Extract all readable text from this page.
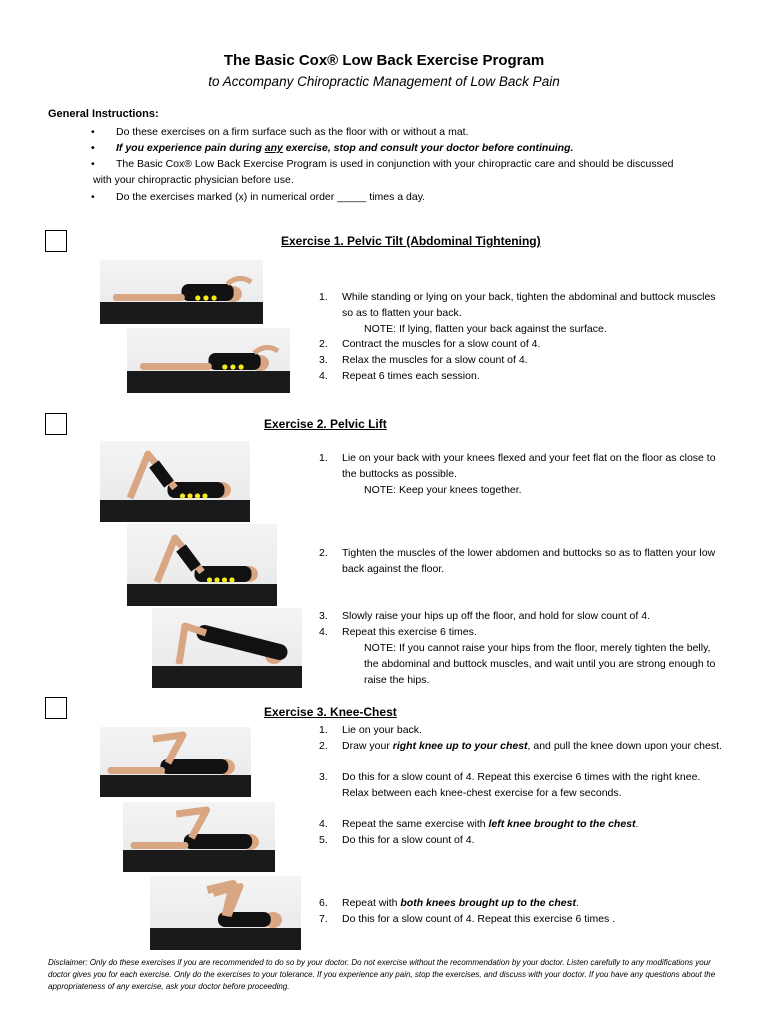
The Basic Cox® Low Back Exercise Program
to Accompany Chiropractic Management of Low Back Pain
General Instructions:
• Do these exercises on a firm surface such as the floor with or without a mat.
• If you experience pain during any exercise, stop and consult your doctor before continuing.
• The Basic Cox® Low Back Exercise Program is used in conjunction with your chiropractic care and should be discussed
with your chiropractic physician before use.
• Do the exercises marked (x) in numerical order _____ times a day.
Exercise 1. Pelvic Tilt (Abdominal Tightening)
1. While standing or lying on your back, tighten the abdominal and buttock muscles so as to flatten your back.
NOTE: If lying, flatten your back against the surface.
2. Contract the muscles for a slow count of 4.
3. Relax the muscles for a slow count of 4.
4. Repeat 6 times each session.
Exercise 2. Pelvic Lift
1. Lie on your back with your knees flexed and your feet flat on the floor as close to the buttocks as possible.
NOTE: Keep your knees together.
2. Tighten the muscles of the lower abdomen and buttocks so as to flatten your low back against the floor.
3. Slowly raise your hips up off the floor, and hold for slow count of 4.
4. Repeat this exercise 6 times.
NOTE: If you cannot raise your hips from the floor, merely tighten the belly, the abdominal and buttock muscles, and wait until you are strong enough to raise the hips.
Exercise 3. Knee-Chest
1. Lie on your back.
2. Draw your right knee up to your chest, and pull the knee down upon your chest.
3. Do this for a slow count of 4. Repeat this exercise 6 times with the right knee. Relax between each knee-chest exercise for a few seconds.
4. Repeat the same exercise with left knee brought to the chest.
5. Do this for a slow count of 4.
6. Repeat with both knees brought up to the chest.
7. Do this for a slow count of 4. Repeat this exercise 6 times .
Disclaimer: Only do these exercises if you are recommended to do so by your doctor. Do not exercise without the recommendation by your doctor. Listen carefully to any modifications your doctor gives you for each exercise. Only do the exercises to your tolerance. If you experience any pain, stop the exercises, and discuss with your doctor. If you have any questions about the appropriateness of any exercise, ask your doctor before proceeding.
